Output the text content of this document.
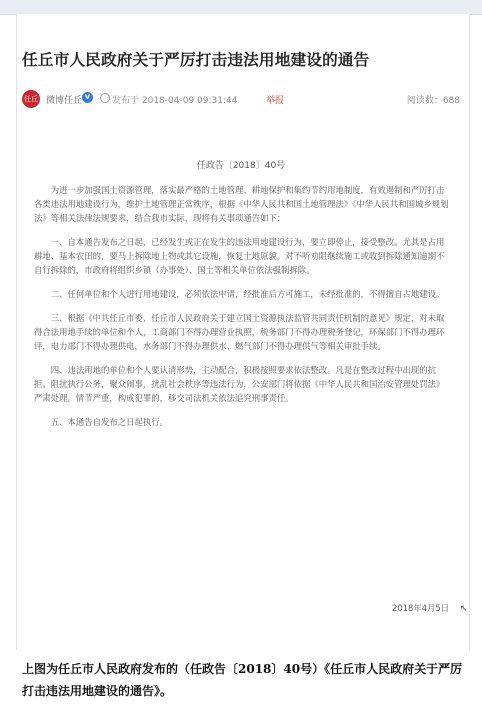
任丘市人民政府关于严厉打击违法用地建设的通告
任丘 微博任丘 V	发布于 2018-04-09 09:31:44	举报	阅读数：688
任政告〔2018〕40号

为进一步加强国土资源管理，落实最严格的土地管理、耕地保护和集约节约用地制度，有效遏制和严厉打击各类违法用地建设行为，维护土地管理正常秩序，根据《中华人民共和国土地管理法》《中华人民共和国城乡规划法》等相关法律法规要求，结合我市实际，现将有关事项通告如下：

一、自本通告发布之日起，已经发生或正在发生的违法用地建设行为，要立即停止，接受整改。尤其是占用耕地、基本农田的，要马上拆除地上物或其它设施，恢复土地原貌。对不听劝阻继续施工或收到拆除通知逾期不自行拆除的，市政府将组织乡镇（办事处）、国土等相关单位依法强制拆除。

二、任何单位和个人进行用地建设，必须依法申请，经批准后方可施工，未经批准的，不得擅自占地建设。

三、根据《中共任丘市委、任丘市人民政府关于建立国土资源执法监管共同责任机制的意见》规定，对未取得合法用地手续的单位和个人，工商部门不得办理营业执照，税务部门不得办理税务登记，环保部门不得办理环评，电力部门不得办理供电，水务部门不得办理供水、燃气部门不得办理供气等相关审批手续。

四、违法用地的单位和个人要认清形势，主动配合，积极按照要求依法整改。凡是在整改过程中出现的抗拒、阻扰执行公务，聚众闹事，扰乱社会秩序等违法行为，公安部门将依据《中华人民共和国治安管理处罚法》严肃处理。情节严重，构成犯罪的，移交司法机关依法追究刑事责任。

五、本通告自发布之日起执行。

2018年4月5日 ↖
上图为任丘市人民政府发布的（任政告〔2018〕40号）《任丘市人民政府关于严厉打击违法用地建设的通告》。
